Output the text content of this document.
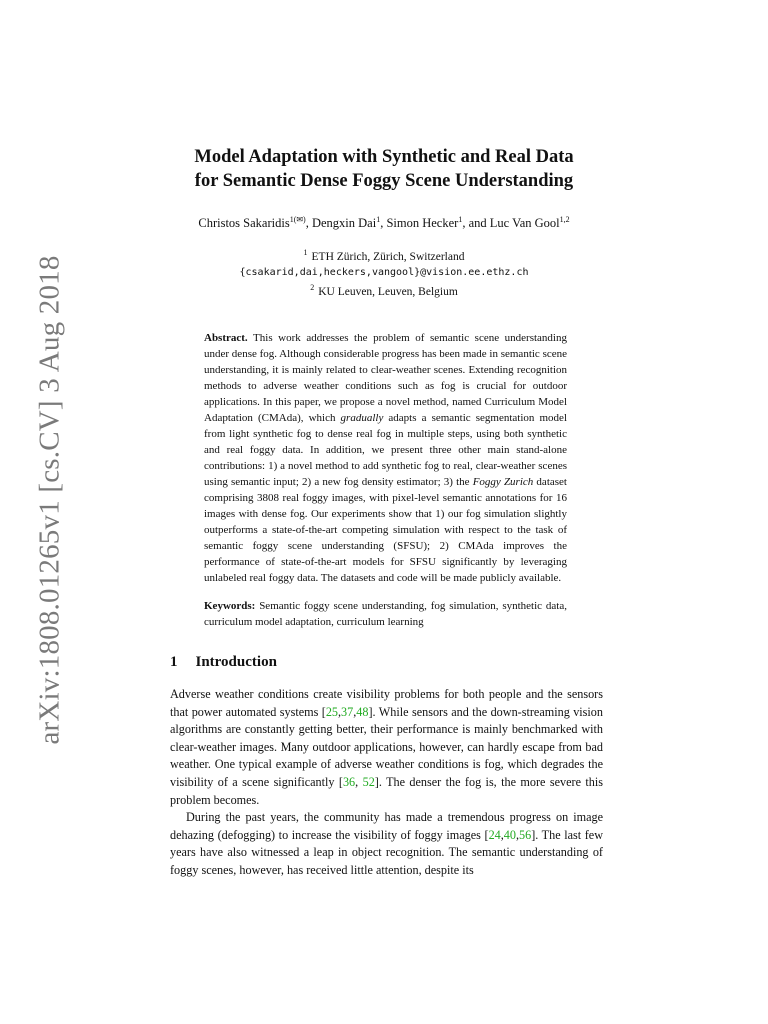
arXiv:1808.01265v1 [cs.CV] 3 Aug 2018
Model Adaptation with Synthetic and Real Data
for Semantic Dense Foggy Scene Understanding
Christos Sakaridis$^{1(✉)}$, Dengxin Dai$^1$, Simon Hecker$^1$, and Luc Van Gool$^{1,2}$
$^1$ ETH Zürich, Zürich, Switzerland
{csakarid,dai,heckers,vangool}@vision.ee.ethz.ch
$^2$ KU Leuven, Leuven, Belgium

Abstract. This work addresses the problem of semantic scene understanding under dense fog. Although considerable progress has been made in semantic scene understanding, it is mainly related to clear-weather scenes. Extending recognition methods to adverse weather conditions such as fog is crucial for outdoor applications. In this paper, we propose a novel method, named Curriculum Model Adaptation (CMAda), which gradually adapts a semantic segmentation model from light synthetic fog to dense real fog in multiple steps, using both synthetic and real foggy data. In addition, we present three other main stand-alone contributions: 1) a novel method to add synthetic fog to real, clear-weather scenes using semantic input; 2) a new fog density estimator; 3) the Foggy Zurich dataset comprising 3808 real foggy images, with pixel-level semantic annotations for 16 images with dense fog. Our experiments show that 1) our fog simulation slightly outperforms a state-of-the-art competing simulation with respect to the task of semantic foggy scene understanding (SFSU); 2) CMAda improves the performance of state-of-the-art models for SFSU significantly by leveraging unlabeled real foggy data. The datasets and code will be made publicly available.

Keywords: Semantic foggy scene understanding, fog simulation, synthetic data, curriculum model adaptation, curriculum learning

1 Introduction

Adverse weather conditions create visibility problems for both people and the sensors that power automated systems [25,37,48]. While sensors and the down-streaming vision algorithms are constantly getting better, their performance is mainly benchmarked with clear-weather images. Many outdoor applications, however, can hardly escape from bad weather. One typical example of adverse weather conditions is fog, which degrades the visibility of a scene significantly [36, 52]. The denser the fog is, the more severe this problem becomes.

During the past years, the community has made a tremendous progress on image dehazing (defogging) to increase the visibility of foggy images [24,40,56]. The last few years have also witnessed a leap in object recognition. The semantic understanding of foggy scenes, however, has received little attention, despite its
